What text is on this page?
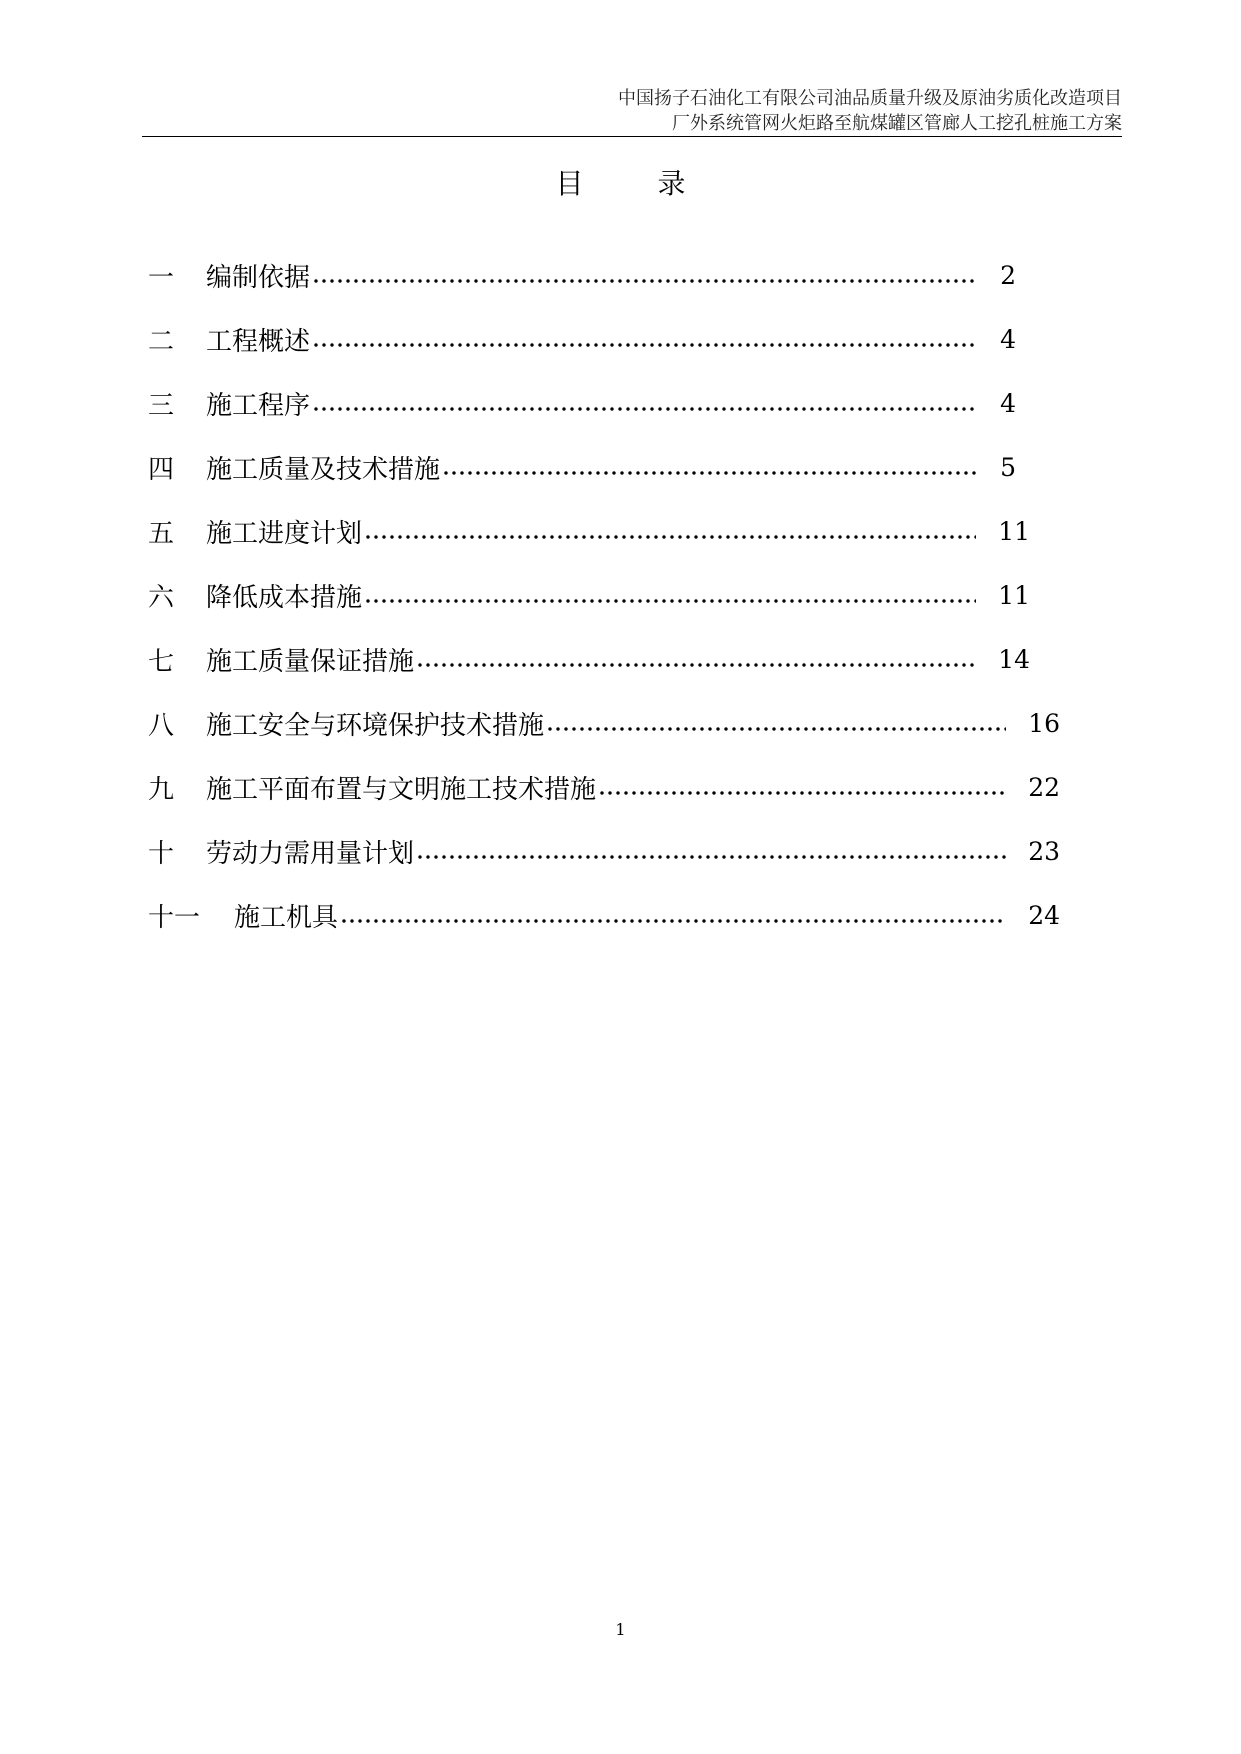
中国扬子石油化工有限公司油品质量升级及原油劣质化改造项目
厂外系统管网火炬路至航煤罐区管廊人工挖孔桩施工方案
目录
一	编制依据	2
二	工程概述	4
三	施工程序	4
四	施工质量及技术措施	5
五	施工进度计划	11
六	降低成本措施	11
七	施工质量保证措施	14
八	施工安全与环境保护技术措施	16
九	施工平面布置与文明施工技术措施	22
十	劳动力需用量计划	23
十一	施工机具	24
1
